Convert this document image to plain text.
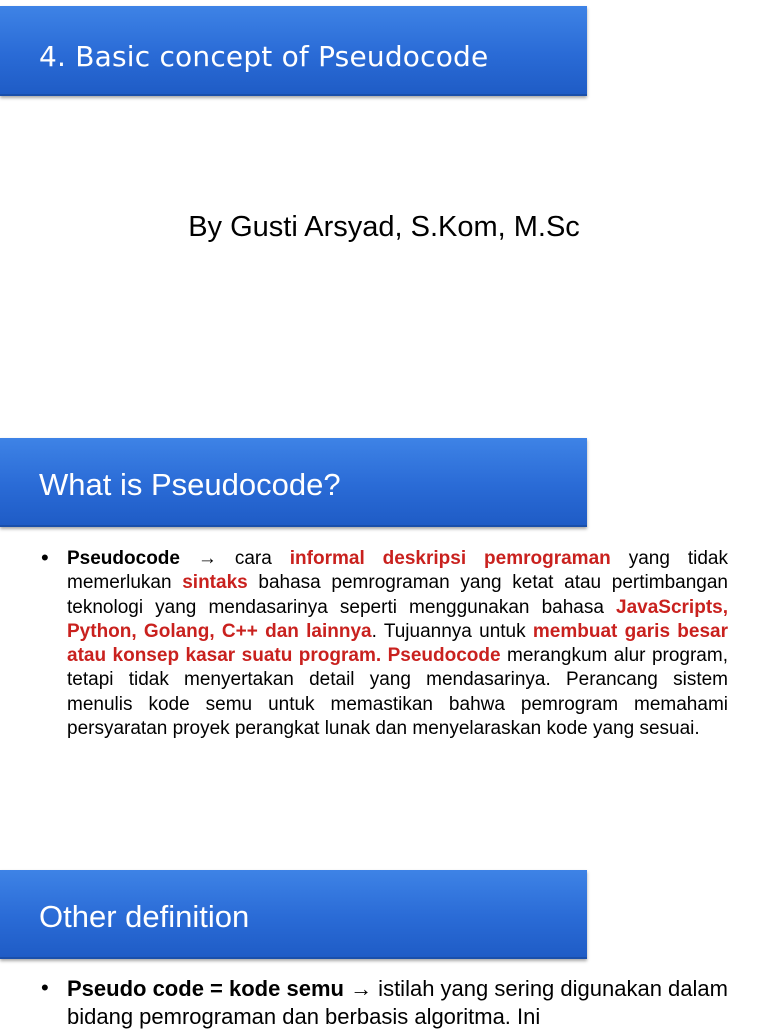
4. Basic concept of Pseudocode
By Gusti Arsyad, S.Kom, M.Sc
What is Pseudocode?
• Pseudocode → cara informal deskripsi pemrograman yang tidak memerlukan sintaks bahasa pemrograman yang ketat atau pertimbangan teknologi yang mendasarinya seperti menggunakan bahasa JavaScripts, Python, Golang, C++ dan lainnya. Tujuannya untuk membuat garis besar atau konsep kasar suatu program. Pseudocode merangkum alur program, tetapi tidak menyertakan detail yang mendasarinya. Perancang sistem menulis kode semu untuk memastikan bahwa pemrogram memahami persyaratan proyek perangkat lunak dan menyelaraskan kode yang sesuai.
Other definition
• Pseudo code = kode semu → istilah yang sering digunakan dalam bidang pemrograman dan berbasis algoritma. Ini
